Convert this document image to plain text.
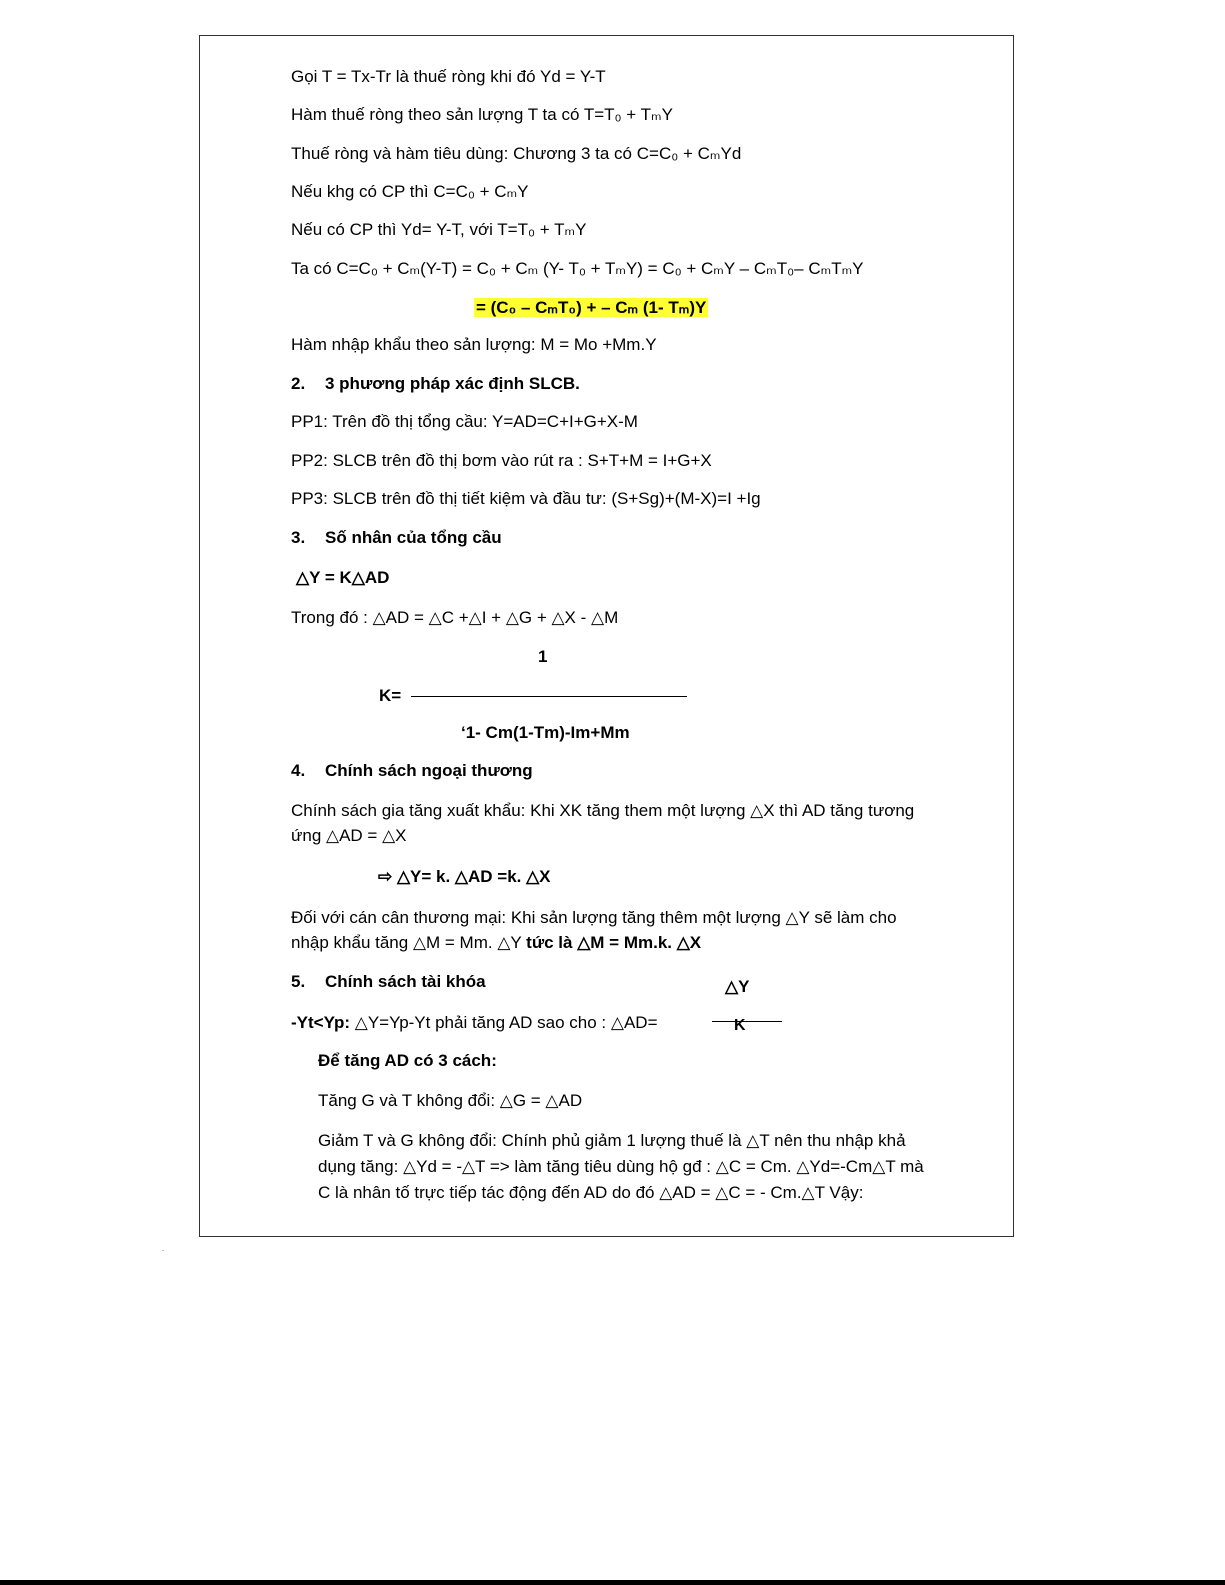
Gọi T = Tx-Tr là thuế ròng khi đó Yd = Y-T
Hàm thuế ròng theo sản lượng T ta có T=T₀ + TₘY
Thuế ròng và hàm tiêu dùng: Chương 3 ta có C=C₀ + CₘYd
Nếu khg có CP thì C=C₀ + CₘY
Nếu có CP thì Yd= Y-T, với T=T₀ + TₘY
Ta có C=C₀ + Cₘ(Y-T) = C₀ + Cₘ (Y- T₀ + TₘY) = C₀ + CₘY – CₘT₀– CₘTₘY
= (C₀ – CₘT₀) + – Cₘ (1- Tₘ)Y
Hàm nhập khẩu theo sản lượng: M = Mo +Mm.Y
2. 3 phương pháp xác định SLCB.
PP1: Trên đồ thị tổng cầu: Y=AD=C+I+G+X-M
PP2: SLCB trên đồ thị bơm vào rút ra : S+T+M = I+G+X
PP3: SLCB trên đồ thị tiết kiệm và đầu tư: (S+Sg)+(M-X)=I +Ig
3. Số nhân của tổng cầu
△Y = K△AD
Trong đó : △AD = △C +△I + △G + △X - △M
1
K=
‘1- Cm(1-Tm)-Im+Mm
4. Chính sách ngoại thương
Chính sách gia tăng xuất khẩu: Khi XK tăng them một lượng △X thì AD tăng tương
ứng △AD = △X
⇨ △Y= k. △AD =k. △X
Đối với cán cân thương mại: Khi sản lượng tăng thêm một lượng △Y sẽ làm cho
nhập khẩu tăng △M = Mm. △Y tức là △M = Mm.k. △X
5. Chính sách tài khóa	△Y
-Yt<Yp: △Y=Yp-Yt phải tăng AD sao cho : △AD=	K
Để tăng AD có 3 cách:
Tăng G và T không đổi: △G = △AD
Giảm T và G không đổi: Chính phủ giảm 1 lượng thuế là △T nên thu nhập khả
dụng tăng: △Yd = -△T => làm tăng tiêu dùng hộ gđ : △C = Cm. △Yd=-Cm△T mà
C là nhân tố trực tiếp tác động đến AD do đó △AD = △C = - Cm.△T Vậy:
